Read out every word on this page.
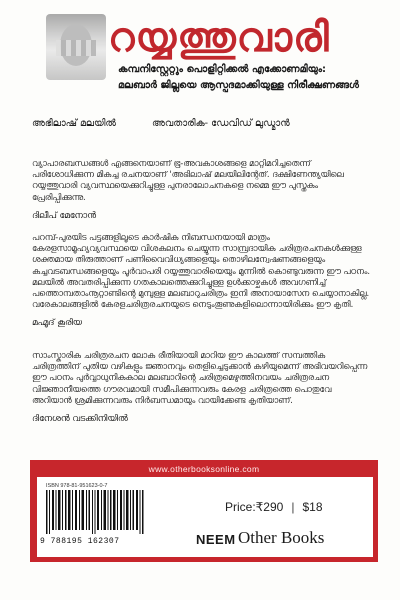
റയ്യത്തുവാരി
കമ്പനിസ്റ്റേറ്റും പൊളിറ്റിക്കൽ എക്കോണമിയും:
മലബാർ ജില്ലയെ ആസ്പദമാക്കിയുള്ള നിരീക്ഷണങ്ങൾ
അഭിലാഷ് മലയിൽ	അവതാരിക- ഡേവിഡ് ലുഡ്മാൻ

വ്യാപാരബന്ധങ്ങൾ എങ്ങനെയാണ് ഭൂ-അവകാശങ്ങളെ മാറ്റിമറിച്ചതെന്ന് പരിശോധിക്കുന്ന മികച്ച രചനയാണ് 'അഭിലാഷ് മലയിലിന്റേത്. ദക്ഷിണേന്ത്യയിലെ റയ്യത്തുവാരി വ്യവസ്ഥയെക്കുറിച്ചുള്ള പുനരാലോചനകളെ നമ്മെ ഈ പുസ്തകം പ്രേരിപ്പിക്കുന്നു.

ദിലീപ് മേനോൻ

പറമ്പ്-പുരയിട പട്ടങ്ങളിലൂടെ കാർഷിക നിബന്ധനയായി മാത്രം കേരളസാമൂഹ്യവ്യവസ്ഥയെ വിശകലനം ചെയ്യുന്ന സാമ്പ്രദായിക ചരിത്രരചനകൾക്കുള്ള ശക്തമായ തിരുത്താണ് പണിവൈവിധ്യങ്ങളെയും തൊഴിലന്വേഷണങ്ങളെയും കച്ചവടബന്ധങ്ങളെയും പൂർവാപരി റയ്യത്തുവാരിയെയും മുന്നിൽ കൊണ്ടുവരുന്ന ഈ പഠനം. മലയിൽ അവതരിപ്പിക്കുന്ന ഗതകാലത്തെക്കുറിച്ചുള്ള ഉൾക്കാഴ്ചകൾ അവഗണിച്ച് പത്തൊമ്പതാംനൂറ്റാണ്ടിന്റെ മുമ്പുള്ള മലബാറുചരിത്രം ഇനി അനായാസേന ചെയ്യാനാകില്ല. വരേകാലങ്ങളിൽ കേരളചരിത്രരചനയുടെ നെടുംതൂണുകളിലൊന്നായിരിക്കും ഈ കൃതി.

മഹ്മൂദ് കൂരിയ

സാംസ്കാരിക ചരിത്രരചന ലോക രീതിയായി മാറിയ ഈ കാലത്ത് സമ്പത്തിക ചരിത്രത്തിന് പുതിയ വഴികളും ജ്ഞാനവും തെളിച്ചെടുക്കാൻ കഴിയുമെന്ന് അഭിവയറിപ്പെന്ന ഈ പഠനം പുർവ്വാധുനികകാല മലബാറിന്റെ ചരിത്രമെഴുത്തിനവയം ചരിത്രരചന വിജ്ഞാനീയത്തെ ഗൗരവമായി സമീപിക്കുന്നവരും കേരള ചരിത്രത്തെ പൊതുവേ അറിയാൻ ശ്രമിക്കുന്നവരും നിർബന്ധമായും വായിക്കേണ്ട കൃതിയാണ്.

ദിനേശൻ വടക്കിനിയിൽ

www.otherbooksonline.com
ISBN 978-81-951623-0-7
9 788195 162307
Price:₹290 | $18
NEEM Other Books
